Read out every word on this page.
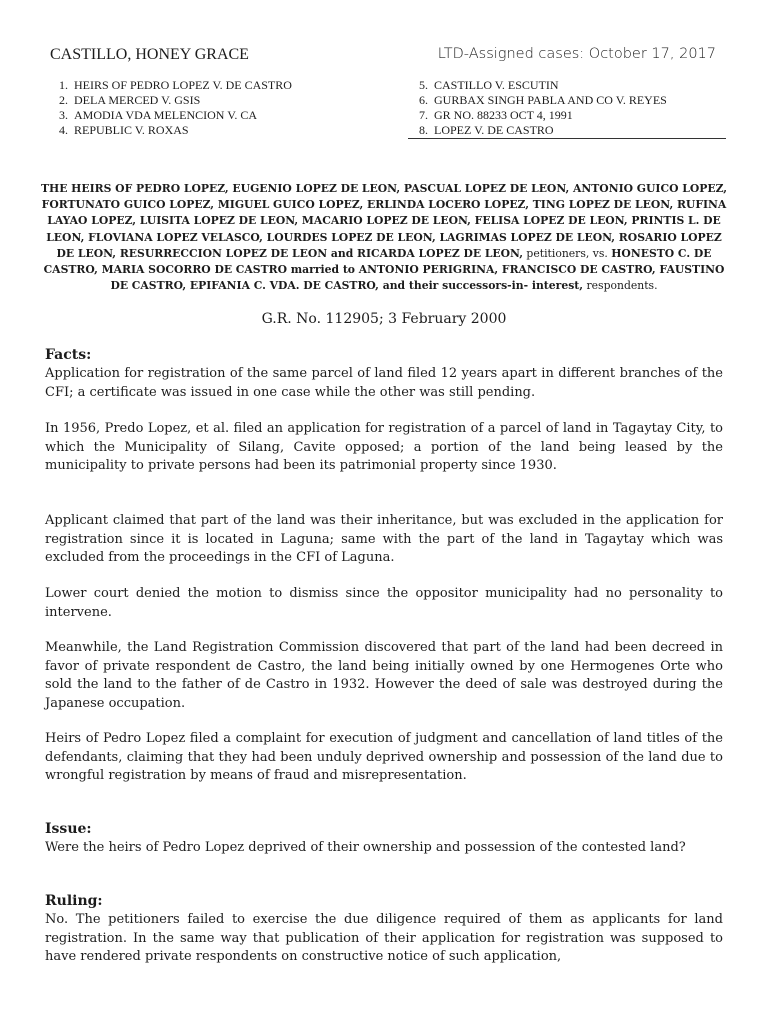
CASTILLO, HONEY GRACE	LTD-Assigned cases: October 17, 2017
1. HEIRS OF PEDRO LOPEZ V. DE CASTRO
2. DELA MERCED V. GSIS
3. AMODIA VDA MELENCION V. CA
4. REPUBLIC V. ROXAS
5. CASTILLO V. ESCUTIN
6. GURBAX SINGH PABLA AND CO V. REYES
7. GR NO. 88233 OCT 4, 1991
8. LOPEZ V. DE CASTRO
THE HEIRS OF PEDRO LOPEZ, EUGENIO LOPEZ DE LEON, PASCUAL LOPEZ DE LEON, ANTONIO GUICO LOPEZ, FORTUNATO GUICO LOPEZ, MIGUEL GUICO LOPEZ, ERLINDA LOCERO LOPEZ, TING LOPEZ DE LEON, RUFINA LAYAO LOPEZ, LUISITA LOPEZ DE LEON, MACARIO LOPEZ DE LEON, FELISA LOPEZ DE LEON, PRINTIS L. DE LEON, FLOVIANA LOPEZ VELASCO, LOURDES LOPEZ DE LEON, LAGRIMAS LOPEZ DE LEON, ROSARIO LOPEZ DE LEON, RESURRECCION LOPEZ DE LEON and RICARDA LOPEZ DE LEON, petitioners, vs. HONESTO C. DE CASTRO, MARIA SOCORRO DE CASTRO married to ANTONIO PERIGRINA, FRANCISCO DE CASTRO, FAUSTINO DE CASTRO, EPIFANIA C. VDA. DE CASTRO, and their successors-in- interest, respondents.
G.R. No. 112905; 3 February 2000
Facts:
Application for registration of the same parcel of land filed 12 years apart in different branches of the CFI; a certificate was issued in one case while the other was still pending.
In 1956, Predo Lopez, et al. filed an application for registration of a parcel of land in Tagaytay City, to which the Municipality of Silang, Cavite opposed; a portion of the land being leased by the municipality to private persons had been its patrimonial property since 1930.
Applicant claimed that part of the land was their inheritance, but was excluded in the application for registration since it is located in Laguna; same with the part of the land in Tagaytay which was excluded from the proceedings in the CFI of Laguna.
Lower court denied the motion to dismiss since the oppositor municipality had no personality to intervene.
Meanwhile, the Land Registration Commission discovered that part of the land had been decreed in favor of private respondent de Castro, the land being initially owned by one Hermogenes Orte who sold the land to the father of de Castro in 1932. However the deed of sale was destroyed during the Japanese occupation.
Heirs of Pedro Lopez filed a complaint for execution of judgment and cancellation of land titles of the defendants, claiming that they had been unduly deprived ownership and possession of the land due to wrongful registration by means of fraud and misrepresentation.
Issue:
Were the heirs of Pedro Lopez deprived of their ownership and possession of the contested land?
Ruling:
No. The petitioners failed to exercise the due diligence required of them as applicants for land registration. In the same way that publication of their application for registration was supposed to have rendered private respondents on constructive notice of such application,
